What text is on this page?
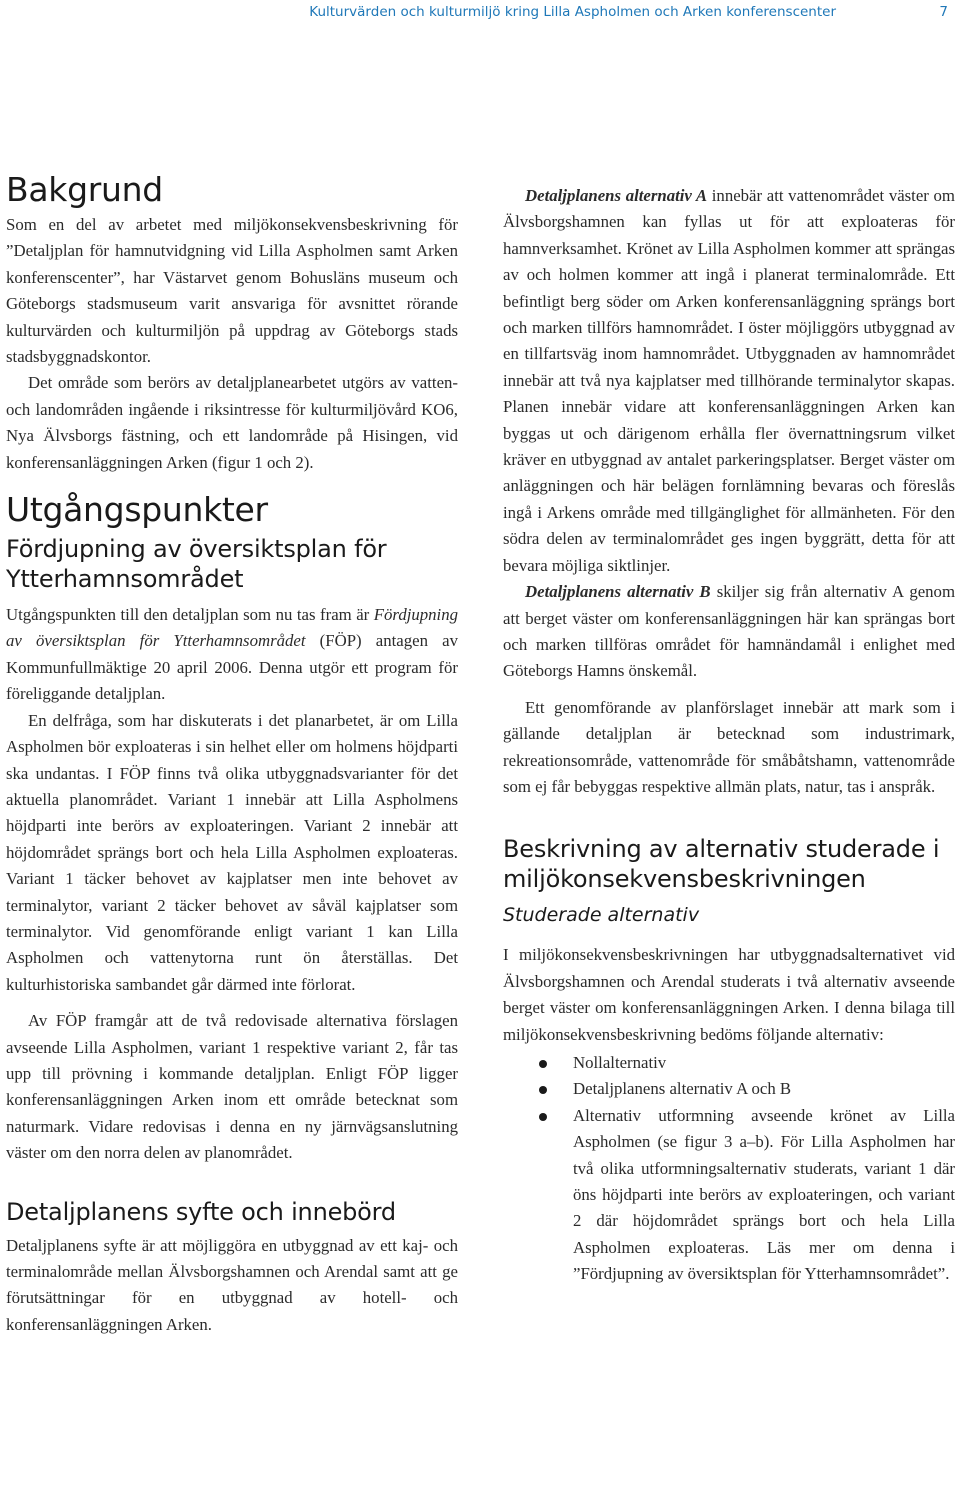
Kulturvärden och kulturmiljö kring Lilla Aspholmen och Arken konferenscenter	7
Bakgrund

Som en del av arbetet med miljökonsekvensbeskrivning för ”Detaljplan för hamnutvidgning vid Lilla Aspholmen samt Arken konferenscenter”, har Västarvet genom Bohusläns museum och Göteborgs stadsmuseum varit ansvariga för avsnittet rörande kulturvärden och kulturmiljön på uppdrag av Göteborgs stads stadsbyggnadskontor.

Det område som berörs av detaljplanearbetet utgörs av vatten- och landområden ingående i riksintresse för kulturmiljövård KO6, Nya Älvsborgs fästning, och ett landområde på Hisingen, vid konferensanläggningen Arken (figur 1 och 2).

Utgångspunkter
Fördjupning av översiktsplan för Ytterhamnsområdet

Utgångspunkten till den detaljplan som nu tas fram är Fördjupning av översiktsplan för Ytterhamnsområdet (FÖP) antagen av Kommunfullmäktige 20 april 2006. Denna utgör ett program för föreliggande detaljplan.

En delfråga, som har diskuterats i det planarbetet, är om Lilla Aspholmen bör exploateras i sin helhet eller om holmens höjdparti ska undantas. I FÖP finns två olika utbyggnadsvarianter för det aktuella planområdet. Variant 1 innebär att Lilla Aspholmens höjdparti inte berörs av exploateringen. Variant 2 innebär att höjdområdet sprängs bort och hela Lilla Aspholmen exploateras. Variant 1 täcker behovet av kajplatser men inte behovet av terminalytor, variant 2 täcker behovet av såväl kajplatser som terminalytor. Vid genomförande enligt variant 1 kan Lilla Aspholmen och vattenytorna runt ön återställas. Det kulturhistoriska sambandet går därmed inte förlorat.

Av FÖP framgår att de två redovisade alternativa förslagen avseende Lilla Aspholmen, variant 1 respektive variant 2, får tas upp till prövning i kommande detaljplan. Enligt FÖP ligger konferensanläggningen Arken inom ett område betecknat som naturmark. Vidare redovisas i denna en ny järnvägsanslutning väster om den norra delen av planområdet.

Detaljplanens syfte och innebörd

Detaljplanens syfte är att möjliggöra en utbyggnad av ett kaj- och terminalområde mellan Älvsborgshamnen och Arendal samt att ge förutsättningar för en utbyggnad av hotell- och konferensanläggningen Arken.

Detaljplanens alternativ A innebär att vattenområdet väster om Älvsborgshamnen kan fyllas ut för att exploateras för hamnverksamhet. Krönet av Lilla Aspholmen kommer att sprängas av och holmen kommer att ingå i planerat terminalområde. Ett befintligt berg söder om Arken konferensanläggning sprängs bort och marken tillförs hamnområdet. I öster möjliggörs utbyggnad av en tillfartsväg inom hamnområdet. Utbyggnaden av hamnområdet innebär att två nya kajplatser med tillhörande terminalytor skapas. Planen innebär vidare att konferensanläggningen Arken kan byggas ut och därigenom erhålla fler övernattningsrum vilket kräver en utbyggnad av antalet parkeringsplatser. Berget väster om anläggningen och här belägen fornlämning bevaras och föreslås ingå i Arkens område med tillgänglighet för allmänheten. För den södra delen av terminalområdet ges ingen byggrätt, detta för att bevara möjliga siktlinjer.

Detaljplanens alternativ B skiljer sig från alternativ A genom att berget väster om konferensanläggningen här kan sprängas bort och marken tillföras området för hamnändamål i enlighet med Göteborgs Hamns önskemål.

Ett genomförande av planförslaget innebär att mark som i gällande detaljplan är betecknad som industrimark, rekreationsområde, vattenområde för småbåtshamn, vattenområde som ej får bebyggas respektive allmän plats, natur, tas i anspråk.

Beskrivning av alternativ studerade i miljökonsekvensbeskrivningen
Studerade alternativ

I miljökonsekvensbeskrivningen har utbyggnadsalternativet vid Älvsborgshamnen och Arendal studerats i två alternativ avseende berget väster om konferensanläggningen Arken. I denna bilaga till miljökonsekvensbeskrivning bedöms följande alternativ:

Nollalternativ
Detaljplanens alternativ A och B
Alternativ utformning avseende krönet av Lilla Aspholmen (se figur 3 a–b). För Lilla Aspholmen har två olika utformningsalternativ studerats, variant 1 där öns höjdparti inte berörs av exploateringen, och variant 2 där höjdområdet sprängs bort och hela Lilla Aspholmen exploateras. Läs mer om denna i ”Fördjupning av översiktsplan för Ytterhamnsområdet”.
